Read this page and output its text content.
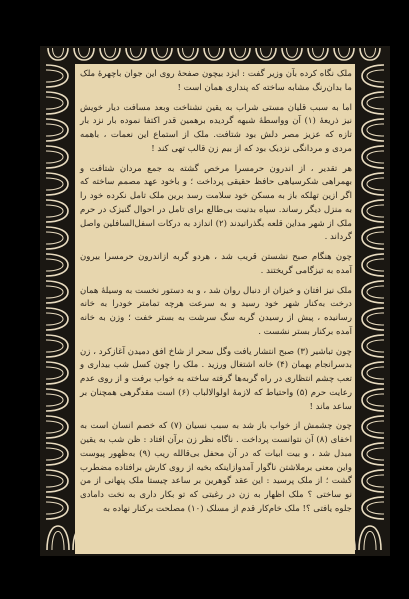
ملک نگاه کرده بآن وزیر گفت : ایزد بیچون صفحهٔ روی این جوان باچهرهٔ ملک ما بدان‌رنگ مشابه ساخته که پنداری همان است !

اما به سبب قلیان مستی شراب به یقین نشناخت وبعد مسافت دیار خویش نیز ذریعهٔ (۱) آن وواسطهٔ شبهه گردیده برهمین قدر اکتفا نموده بار نزد بار تازه که عزیز مصر دلش بود شتافت. ملک از استماع این نعمات ، باهمه مردی و مردانگی نزدیک بود که از بیم زن قالب تهی کند !

هر تقدیر ، از اندرون حرمسرا مرخص گشته به جمع مردان شتافت و بهمراهی شکرسیاهی حافظ حقیقی پرداخت ؛ و باخود عهد مصمم ساخته که اگر ازین تهلکه باز به مسکن خود سلامت رسد برین ملک تامل نکرده خود را به منزل دیگر رساند. سپاه بدنیت بی‌طالع برای تامل در احوال گنیزک در حرم ملک از شهر مداین قلعه بگذرانیدند (۲) اندازد به درکات اسفل‌السافلین واصل گرداند .

چون هنگام صبح نشستن قریب شد ، هردو گربه ازاندرون حرمسرا بیرون آمده به تیزگامی گریختند .

ملک نیز افتان و خیزان از دنبال روان شد ، و به دستور نخست به وسیلهٔ همان درخت به‌کنار شهر خود رسید و به سرعت هرچه تمامتر خودرا به خانه رسانیده ، پیش از رسیدن گربه سگ سرشت به بستر خفت ؛ وزن به خانه آمده برکنار بستر نشست .

چون تباشیر (۳) صبح انتشار یافت وگل سحر از شاخ افق دمیدن آغازکرد ، زن بدسرانجام بهمان (۴) خانه اشتغال ورزید . ملک را چون کسل شب بیداری و تعب چشم انتظاری در راه گربه‌ها گرفته ساخته به خواب برفت و از روی عدم رعایت حرم (۵) واحتیاط که لازمهٔ اولوالالباب (۶) است مقدگرهی همچنان بر ساعد ماند !

چون چشمش از خواب باز شد به سبب نسیان (۷) که خصم انسان است به اخفای (۸) آن نتوانست پرداخت . ناگاه نظر زن برآن افتاد : ظن شب به یقین مبدل شد ، و بیت ابیات که در آن محفل بی‌قالله ریب (۹) به‌ظهور پیوست واین معنی برملاشتن ناگوار آمدوازاینکه بخیه از روی کارش برافتاده مضطرب گشت ؛ از ملک پرسید : این عقد گوهرین بر ساعد چیستا ملک پنهانی از من نو ساختی ؟ ملک اظهار به زن در رغبتی که تو بکار داری به نخت دامادی جلوه یافتی ؟! ملک خام‌کار قدم از مسلک (۱۰) مصلحت برکنار نهاده به
